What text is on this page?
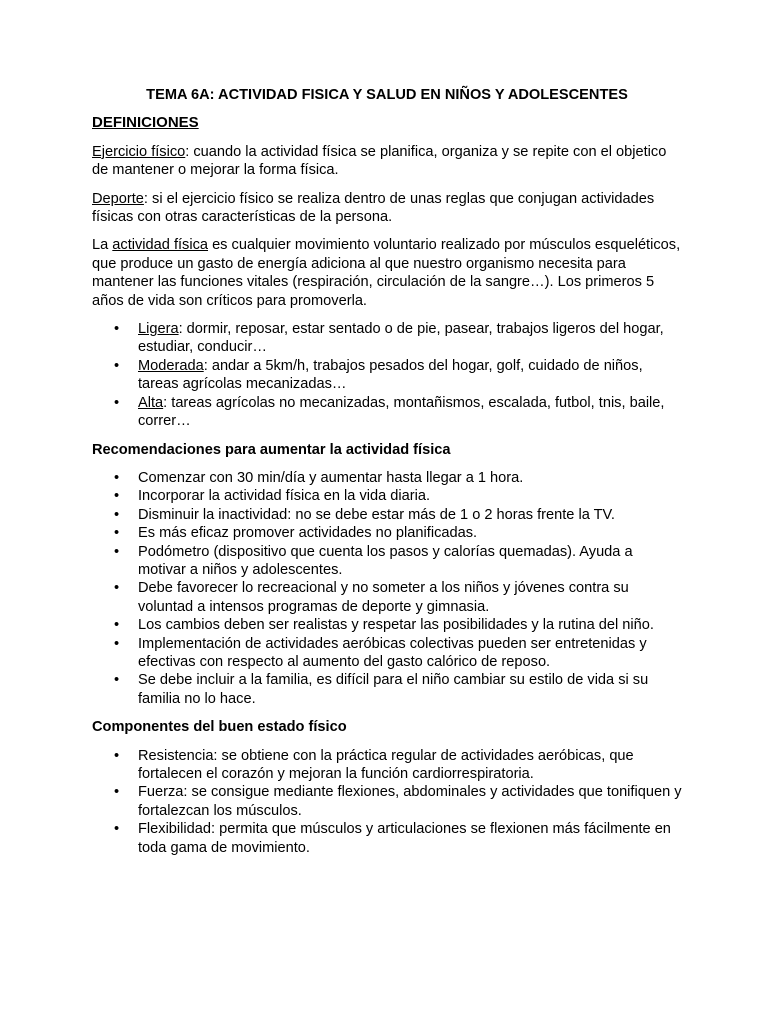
TEMA 6A: ACTIVIDAD FISICA Y SALUD EN NIÑOS Y ADOLESCENTES
DEFINICIONES

Ejercicio físico: cuando la actividad física se planifica, organiza y se repite con el objetico de mantener o mejorar la forma física.

Deporte: si el ejercicio físico se realiza dentro de unas reglas que conjugan actividades físicas con otras características de la persona.

La actividad física es cualquier movimiento voluntario realizado por músculos esqueléticos, que produce un gasto de energía adiciona al que nuestro organismo necesita para mantener las funciones vitales (respiración, circulación de la sangre…). Los primeros 5 años de vida son críticos para promoverla.

• Ligera: dormir, reposar, estar sentado o de pie, pasear, trabajos ligeros del hogar, estudiar, conducir…
• Moderada: andar a 5km/h, trabajos pesados del hogar, golf, cuidado de niños, tareas agrícolas mecanizadas…
• Alta: tareas agrícolas no mecanizadas, montañismos, escalada, futbol, tnis, baile, correr…
Recomendaciones para aumentar la actividad física
• Comenzar con 30 min/día y aumentar hasta llegar a 1 hora.
• Incorporar la actividad física en la vida diaria.
• Disminuir la inactividad: no se debe estar más de 1 o 2 horas frente la TV.
• Es más eficaz promover actividades no planificadas.
• Podómetro (dispositivo que cuenta los pasos y calorías quemadas). Ayuda a motivar a niños y adolescentes.
• Debe favorecer lo recreacional y no someter a los niños y jóvenes contra su voluntad a intensos programas de deporte y gimnasia.
• Los cambios deben ser realistas y respetar las posibilidades y la rutina del niño.
• Implementación de actividades aeróbicas colectivas pueden ser entretenidas y efectivas con respecto al aumento del gasto calórico de reposo.
• Se debe incluir a la familia, es difícil para el niño cambiar su estilo de vida si su familia no lo hace.
Componentes del buen estado físico
• Resistencia: se obtiene con la práctica regular de actividades aeróbicas, que fortalecen el corazón y mejoran la función cardiorrespiratoria.
• Fuerza: se consigue mediante flexiones, abdominales y actividades que tonifiquen y fortalezcan los músculos.
• Flexibilidad: permita que músculos y articulaciones se flexionen más fácilmente en toda gama de movimiento.
